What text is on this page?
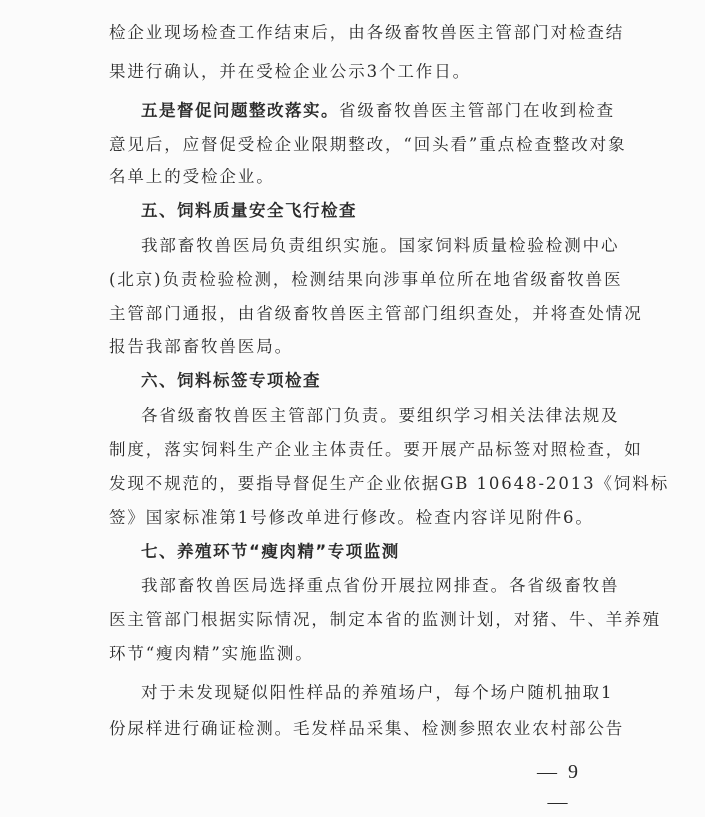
检企业现场检查工作结束后，由各级畜牧兽医主管部门对检查结
果进行确认，并在受检企业公示3个工作日。
五是督促问题整改落实。省级畜牧兽医主管部门在收到检查
意见后，应督促受检企业限期整改，“回头看”重点检查整改对象
名单上的受检企业。
五、饲料质量安全飞行检查
我部畜牧兽医局负责组织实施。国家饲料质量检验检测中心
(北京)负责检验检测，检测结果向涉事单位所在地省级畜牧兽医
主管部门通报，由省级畜牧兽医主管部门组织查处，并将查处情况
报告我部畜牧兽医局。
六、饲料标签专项检查
各省级畜牧兽医主管部门负责。要组织学习相关法律法规及
制度，落实饲料生产企业主体责任。要开展产品标签对照检查，如
发现不规范的，要指导督促生产企业依据GB 10648-2013《饲料标
签》国家标准第1号修改单进行修改。检查内容详见附件6。
七、养殖环节“瘦肉精”专项监测
我部畜牧兽医局选择重点省份开展拉网排查。各省级畜牧兽
医主管部门根据实际情况，制定本省的监测计划，对猪、牛、羊养殖
环节“瘦肉精”实施监测。
对于未发现疑似阳性样品的养殖场户，每个场户随机抽取1
份尿样进行确证检测。毛发样品采集、检测参照农业农村部公告
— 9 —
